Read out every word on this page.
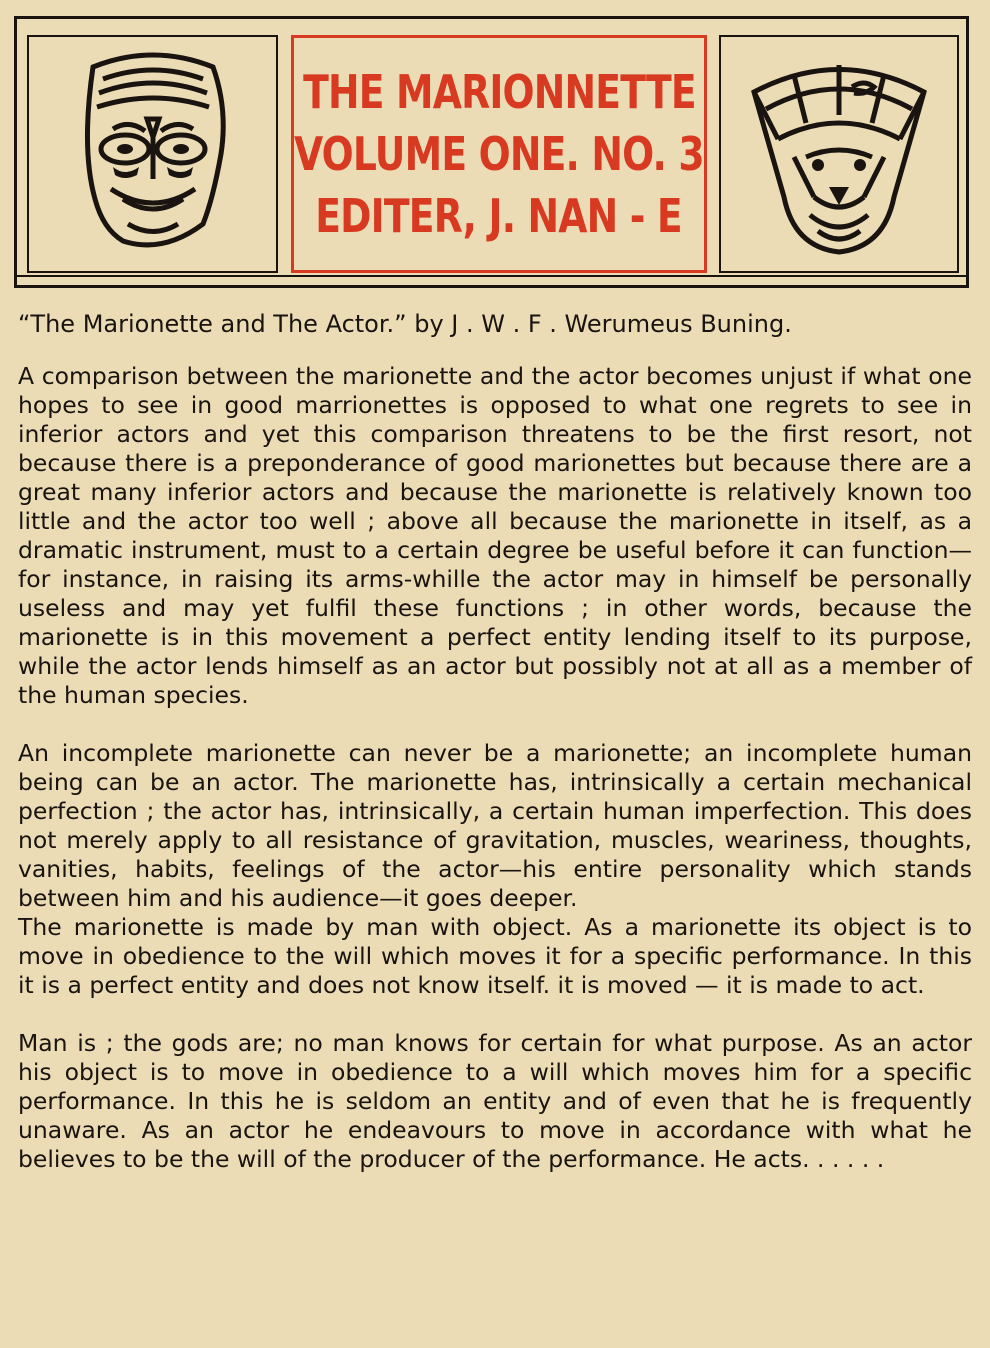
THE MARIONNETTE
VOLUME ONE. NO. 3
EDITER, J. NAN - E
“The Marionette and The Actor.” by J . W . F . Werumeus Buning.

A comparison between the marionette and the actor becomes unjust if what one hopes to see in good marrionettes is opposed to what one regrets to see in inferior actors and yet this comparison threatens to be the first resort, not because there is a preponderance of good marionettes but because there are a great many inferior actors and because the marionette is relatively known too little and the actor too well ; above all because the marionette in itself, as a dramatic instrument, must to a certain degree be useful before it can function—for instance, in raising its arms-whille the actor may in himself be personally useless and may yet fulfil these functions ; in other words, because the marionette is in this movement a perfect entity lending itself to its purpose, while the actor lends himself as an actor but possibly not at all as a member of the human species.

An incomplete marionette can never be a marionette; an incomplete human being can be an actor. The marionette has, intrinsically a certain mechanical perfection ; the actor has, intrinsically, a certain human imperfection. This does not merely apply to all resistance of gravitation, muscles, weariness, thoughts, vanities, habits, feelings of the actor—his entire personality which stands between him and his audience—it goes deeper.

The marionette is made by man with object. As a marionette its object is to move in obedience to the will which moves it for a specific performance. In this it is a perfect entity and does not know itself. it is moved — it is made to act.

Man is ; the gods are; no man knows for certain for what purpose. As an actor his object is to move in obedience to a will which moves him for a specific performance. In this he is seldom an entity and of even that he is frequently unaware. As an actor he endeavours to move in accordance with what he believes to be the will of the producer of the performance. He acts. . . . . .
